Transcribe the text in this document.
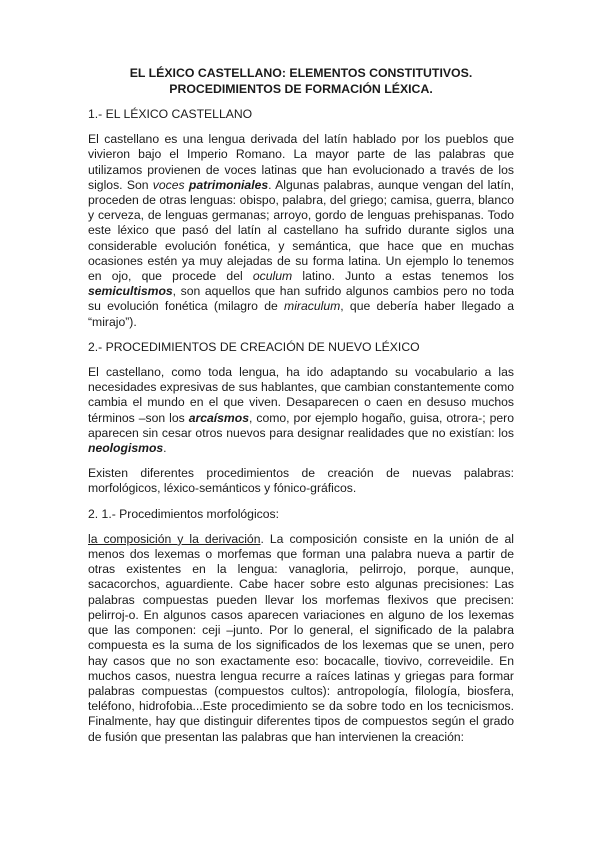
EL LÉXICO CASTELLANO: ELEMENTOS CONSTITUTIVOS.
PROCEDIMIENTOS DE FORMACIÓN LÉXICA.
1.- EL LÉXICO CASTELLANO

El castellano es una lengua derivada del latín hablado por los pueblos que vivieron bajo el Imperio Romano. La mayor parte de las palabras que utilizamos provienen de voces latinas que han evolucionado a través de los siglos. Son voces patrimoniales. Algunas palabras, aunque vengan del latín, proceden de otras lenguas: obispo, palabra, del griego; camisa, guerra, blanco y cerveza, de lenguas germanas; arroyo, gordo de lenguas prehispanas. Todo este léxico que pasó del latín al castellano ha sufrido durante siglos una considerable evolución fonética, y semántica, que hace que en muchas ocasiones estén ya muy alejadas de su forma latina. Un ejemplo lo tenemos en ojo, que procede del oculum latino. Junto a estas tenemos los semicultismos, son aquellos que han sufrido algunos cambios pero no toda su evolución fonética (milagro de miraculum, que debería haber llegado a “mirajo”).

2.- PROCEDIMIENTOS DE CREACIÓN DE NUEVO LÉXICO

El castellano, como toda lengua, ha ido adaptando su vocabulario a las necesidades expresivas de sus hablantes, que cambian constantemente como cambia el mundo en el que viven. Desaparecen o caen en desuso muchos términos –son los arcaísmos, como, por ejemplo hogaño, guisa, otrora-; pero aparecen sin cesar otros nuevos para designar realidades que no existían: los neologismos.

Existen diferentes procedimientos de creación de nuevas palabras: morfológicos, léxico-semánticos y fónico-gráficos.

2. 1.- Procedimientos morfológicos:

la composición y la derivación. La composición consiste en la unión de al menos dos lexemas o morfemas que forman una palabra nueva a partir de otras existentes en la lengua: vanagloria, pelirrojo, porque, aunque, sacacorchos, aguardiente. Cabe hacer sobre esto algunas precisiones: Las palabras compuestas pueden llevar los morfemas flexivos que precisen: pelirroj-o. En algunos casos aparecen variaciones en alguno de los lexemas que las componen: ceji –junto. Por lo general, el significado de la palabra compuesta es la suma de los significados de los lexemas que se unen, pero hay casos que no son exactamente eso: bocacalle, tiovivo, correveidile. En muchos casos, nuestra lengua recurre a raíces latinas y griegas para formar palabras compuestas (compuestos cultos): antropología, filología, biosfera, teléfono, hidrofobia...Este procedimiento se da sobre todo en los tecnicismos. Finalmente, hay que distinguir diferentes tipos de compuestos según el grado de fusión que presentan las palabras que han intervienen la creación:
